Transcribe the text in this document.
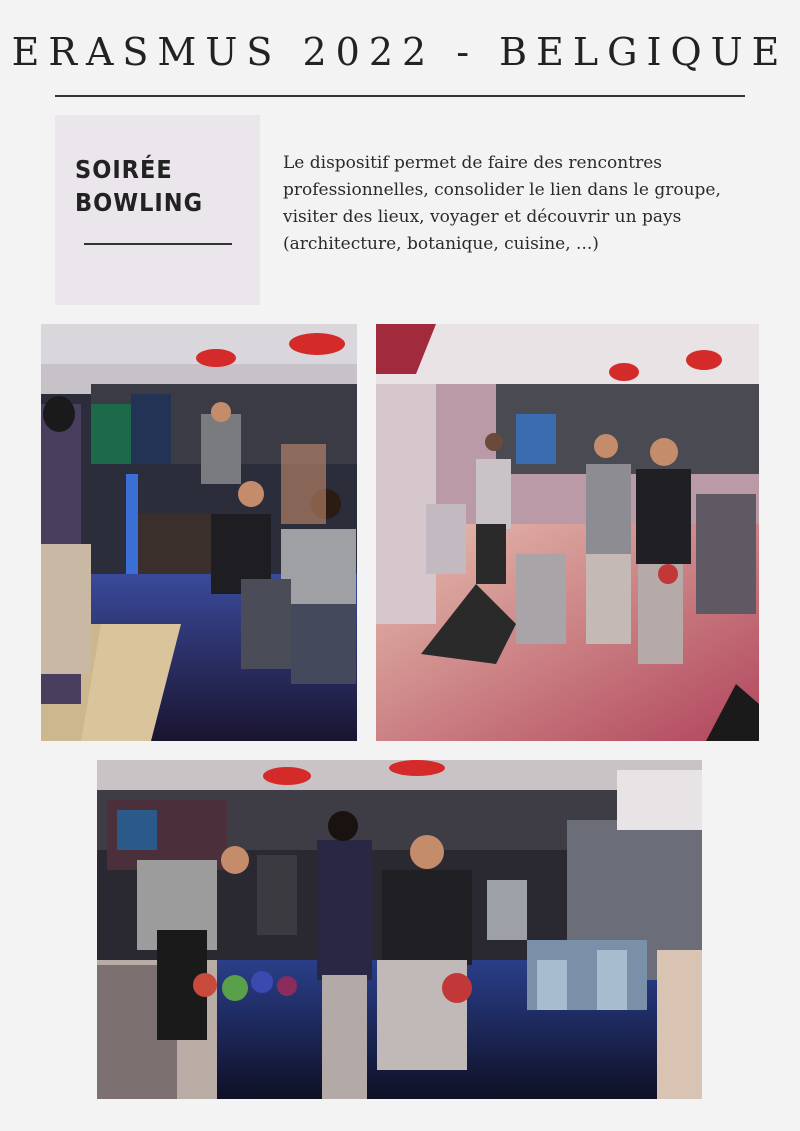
ERASMUS 2022 - BELGIQUE
SOIRÉE
BOWLING
Le dispositif permet de faire des rencontres professionnelles, consolider le lien dans le groupe, visiter des lieux, voyager et découvrir un pays (architecture, botanique, cuisine, ...)
